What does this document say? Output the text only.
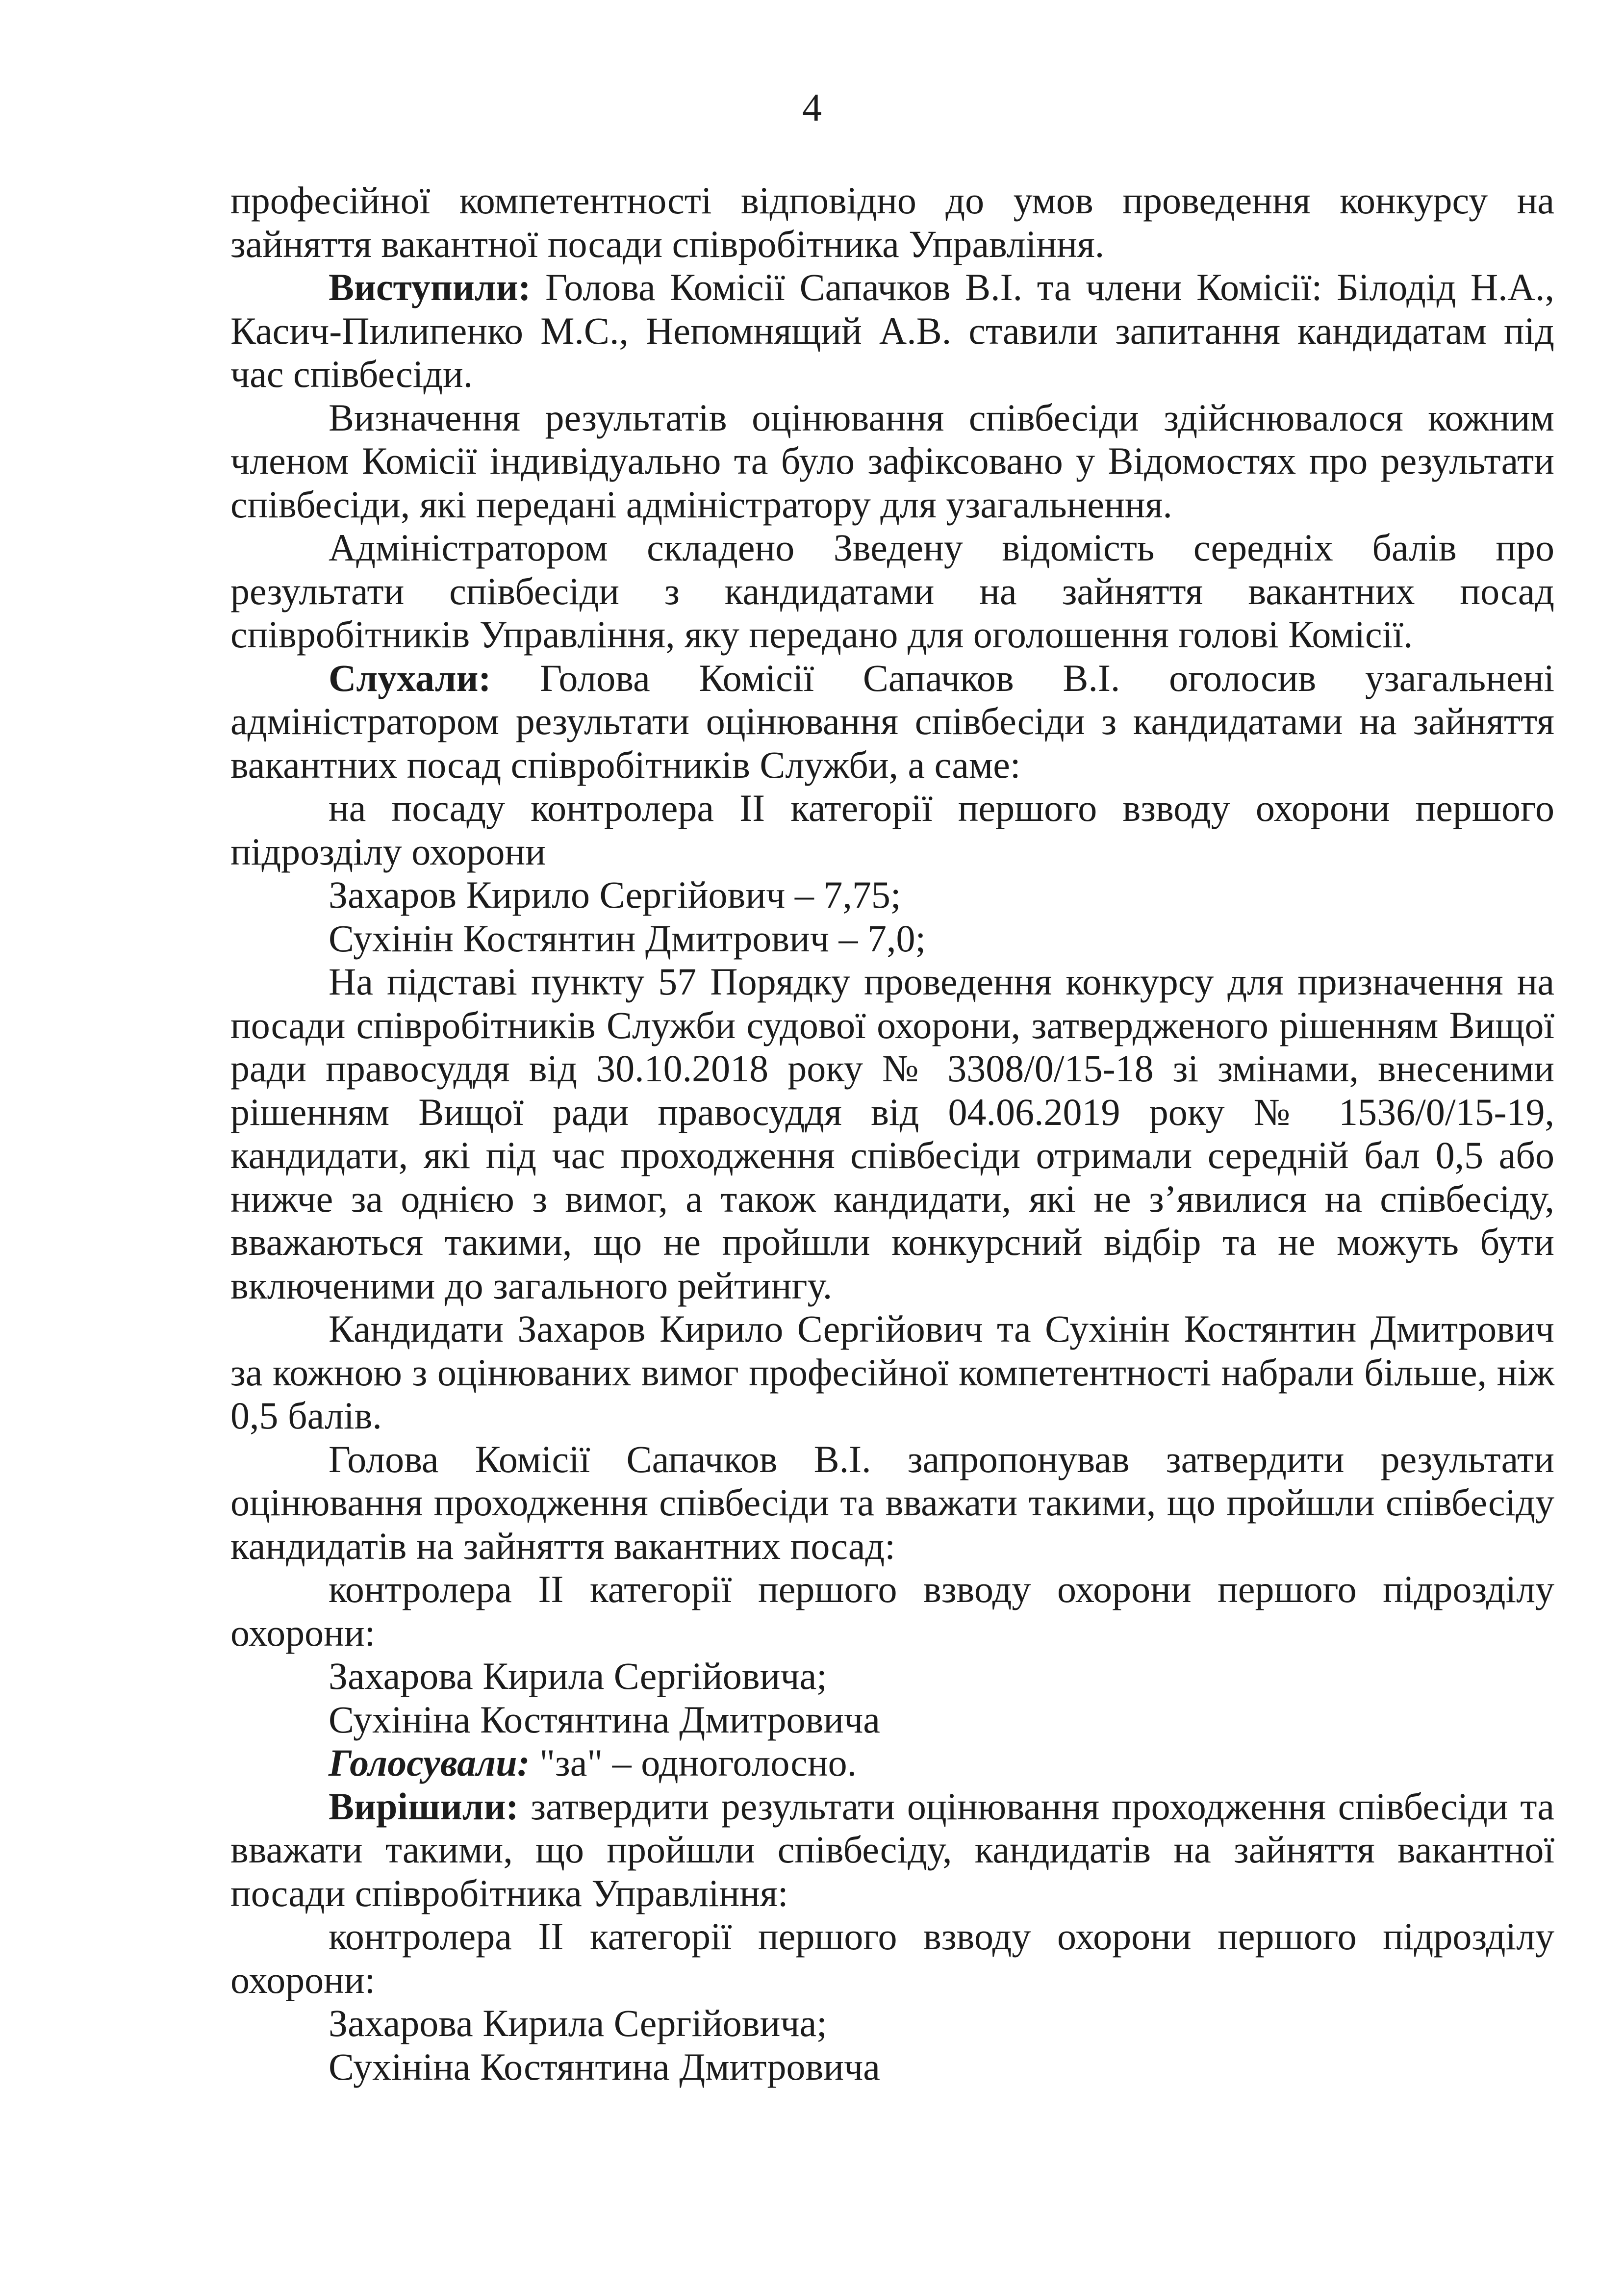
4

професійної компетентності відповідно до умов проведення конкурсу на зайняття вакантної посади співробітника Управління.

Виступили: Голова Комісії Сапачков В.І. та члени Комісії: Білодід Н.А., Касич-Пилипенко М.С., Непомнящий А.В. ставили запитання кандидатам під час співбесіди.

Визначення результатів оцінювання співбесіди здійснювалося кожним членом Комісії індивідуально та було зафіксовано у Відомостях про результати співбесіди, які передані адміністратору для узагальнення.

Адміністратором складено Зведену відомість середніх балів про результати співбесіди з кандидатами на зайняття вакантних посад співробітників Управління, яку передано для оголошення голові Комісії.

Слухали: Голова Комісії Сапачков В.І. оголосив узагальнені адміністратором результати оцінювання співбесіди з кандидатами на зайняття вакантних посад співробітників Служби, а саме:

на посаду контролера ІІ категорії першого взводу охорони першого підрозділу охорони

Захаров Кирило Сергійович – 7,75;

Сухінін Костянтин Дмитрович – 7,0;

На підставі пункту 57 Порядку проведення конкурсу для призначення на посади співробітників Служби судової охорони, затвердженого рішенням Вищої ради правосуддя від 30.10.2018 року № 3308/0/15-18 зі змінами, внесеними рішенням Вищої ради правосуддя від 04.06.2019 року № 1536/0/15-19, кандидати, які під час проходження співбесіди отримали середній бал 0,5 або нижче за однією з вимог, а також кандидати, які не з’явилися на співбесіду, вважаються такими, що не пройшли конкурсний відбір та не можуть бути включеними до загального рейтингу.

Кандидати Захаров Кирило Сергійович та Сухінін Костянтин Дмитрович за кожною з оцінюваних вимог професійної компетентності набрали більше, ніж 0,5 балів.

Голова Комісії Сапачков В.І. запропонував затвердити результати оцінювання проходження співбесіди та вважати такими, що пройшли співбесіду кандидатів на зайняття вакантних посад:

контролера ІІ категорії першого взводу охорони першого підрозділу охорони:

Захарова Кирила Сергійовича;

Сухініна Костянтина Дмитровича

Голосували: "за" – одноголосно.

Вирішили: затвердити результати оцінювання проходження співбесіди та вважати такими, що пройшли співбесіду, кандидатів на зайняття вакантної посади співробітника Управління:

контролера ІІ категорії першого взводу охорони першого підрозділу охорони:

Захарова Кирила Сергійовича;

Сухініна Костянтина Дмитровича
